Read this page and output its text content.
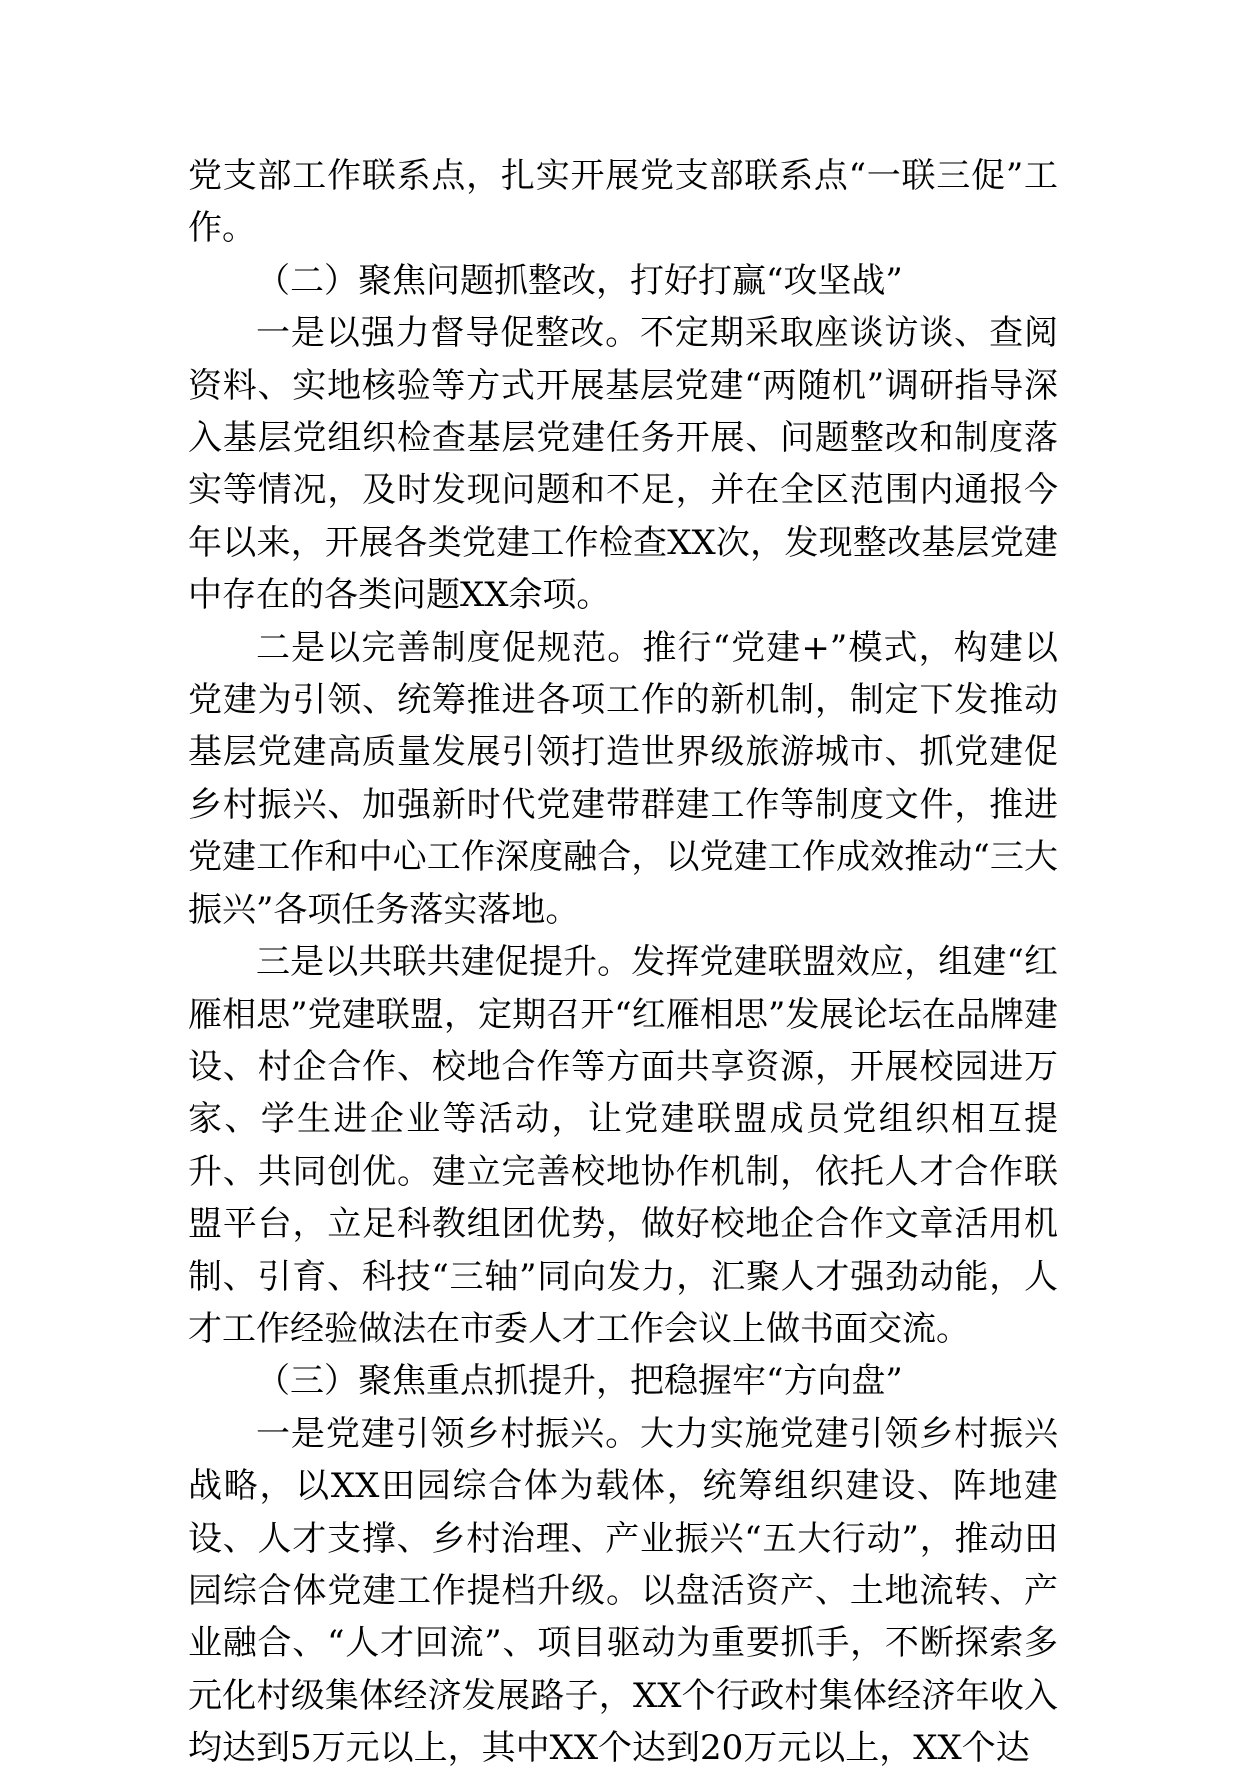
党支部工作联系点，扎实开展党支部联系点“一联三促”工作。

（二）聚焦问题抓整改，打好打赢“攻坚战”

一是以强力督导促整改。不定期采取座谈访谈、查阅资料、实地核验等方式开展基层党建“两随机”调研指导深入基层党组织检查基层党建任务开展、问题整改和制度落实等情况，及时发现问题和不足，并在全区范围内通报今年以来，开展各类党建工作检查XX次，发现整改基层党建中存在的各类问题XX余项。

二是以完善制度促规范。推行“党建+”模式，构建以党建为引领、统筹推进各项工作的新机制，制定下发推动基层党建高质量发展引领打造世界级旅游城市、抓党建促乡村振兴、加强新时代党建带群建工作等制度文件，推进党建工作和中心工作深度融合，以党建工作成效推动“三大振兴”各项任务落实落地。

三是以共联共建促提升。发挥党建联盟效应，组建“红雁相思”党建联盟，定期召开“红雁相思”发展论坛在品牌建设、村企合作、校地合作等方面共享资源，开展校园进万家、学生进企业等活动，让党建联盟成员党组织相互提升、共同创优。建立完善校地协作机制，依托人才合作联盟平台，立足科教组团优势，做好校地企合作文章活用机制、引育、科技“三轴”同向发力，汇聚人才强劲动能，人才工作经验做法在市委人才工作会议上做书面交流。

（三）聚焦重点抓提升，把稳握牢“方向盘”

一是党建引领乡村振兴。大力实施党建引领乡村振兴战略，以XX田园综合体为载体，统筹组织建设、阵地建设、人才支撑、乡村治理、产业振兴“五大行动”，推动田园综合体党建工作提档升级。以盘活资产、土地流转、产业融合、“人才回流”、项目驱动为重要抓手，不断探索多元化村级集体经济发展路子，XX个行政村集体经济年收入均达到5万元以上，其中XX个达到20万元以上，XX个达
